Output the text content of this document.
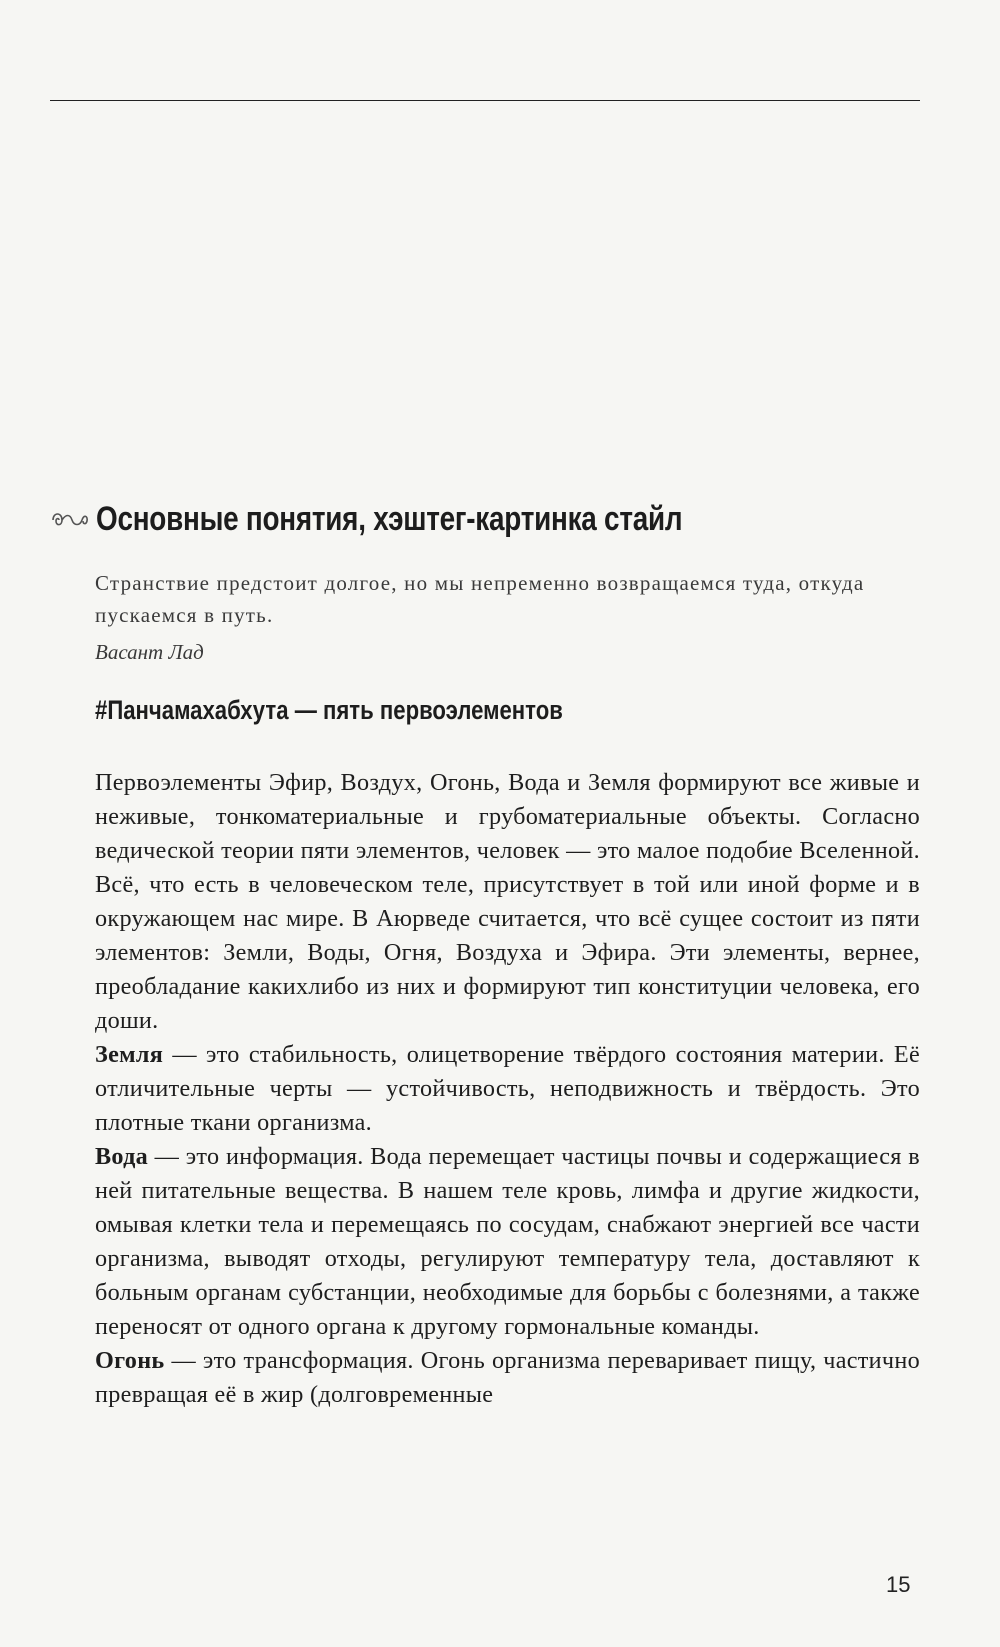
Основные понятия, хэштег-картинка стайл
Странствие предстоит долгое, но мы непременно возвращаемся туда, откуда пускаемся в путь.
Васант Лад
#Панчамахабхута — пять первоэлементов

Первоэлементы Эфир, Воздух, Огонь, Вода и Земля формируют все живые и неживые, тонкоматериальные и грубоматериальные объекты. Согласно ведической теории пяти элементов, человек — это малое подобие Вселенной. Всё, что есть в человеческом теле, присутствует в той или иной форме и в окружающем нас мире. В Аюрведе считается, что всё сущее состоит из пяти элементов: Земли, Воды, Огня, Воздуха и Эфира. Эти элементы, вернее, преобладание какихлибо из них и формируют тип конституции человека, его доши.

Земля — это стабильность, олицетворение твёрдого состояния материи. Её отличительные черты — устойчивость, неподвижность и твёрдость. Это плотные ткани организма.

Вода — это информация. Вода перемещает частицы почвы и содержащиеся в ней питательные вещества. В нашем теле кровь, лимфа и другие жидкости, омывая клетки тела и перемещаясь по сосудам, снабжают энергией все части организма, выводят отходы, регулируют температуру тела, доставляют к больным органам субстанции, необходимые для борьбы с болезнями, а также переносят от одного органа к другому гормональные команды.

Огонь — это трансформация. Огонь организма переваривает пищу, частично превращая её в жир (долговременные

15
